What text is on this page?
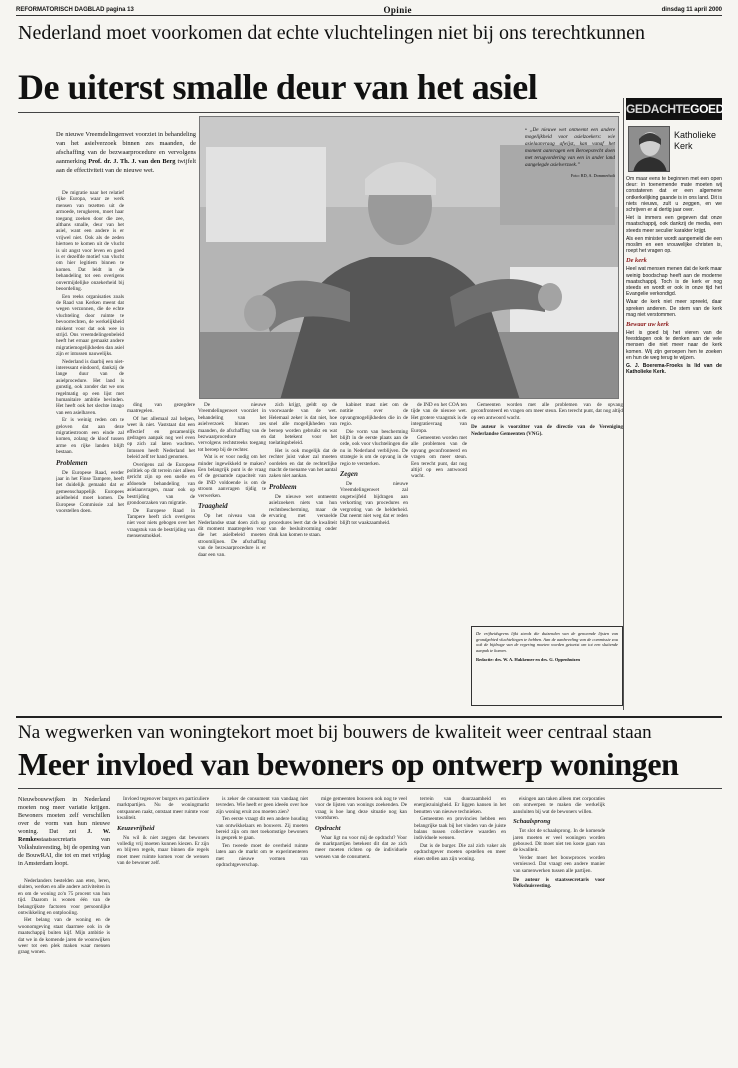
REFORMATORISCH DAGBLAD pagina 13	Opinie	dinsdag 11 april 2000
Nederland moet voorkomen dat echte vluchtelingen niet bij ons terechtkunnen
De uiterst smalle deur van het asiel
De nieuwe Vreemdelingenwet voorziet in behandeling van het asielverzoek binnen zes maanden, de afschaffing van de bezwaarprocedure en vervolgens aanmerking Prof. dr. J. Th. J. van den Berg twijfelt aan de effectiviteit van de nieuwe wet.
• „De nieuwe wet ontneemt een andere mogelijkheid voor asielzoekers: wie asielaanvraag afwijst, kan vanaf het moment aanvragen een Beroepsrecht doen met terugvordering van een in ander land aangelegde asielverzoek.”
Foto: RD, A. Dommerholt

De migratie naar het relatief rijke Europa, waar ze werk mensen van tezetten uit de armoede, terugkeren, moet haar toegang zoeken door die zee, althans smalle, deur van het asiel, want een andere is er vrijwel niet. Ook als de zeden hiertoen te komen uit de vlucht is uit angst voor leven en goed is er dezelfde motief van vlucht om hier legitiem binnen te komen. Dat leidt in de behandeling tot een overigens onvermijdelijke onzekerheid bij beoordeling.

Een reeks organisaties zoals de Raad van Kerken meent dat wegen verzonnen, die de echte vluchteling door ruimte te bevoorrechten, de werkelijkheid miskent voor dat ook wee in strijd. Ons vreemdelingenbeleid heeft het ernaar gemaakt andere migratiemogelijkheden dan asiel zijn er intussen nauwelijks.

Nederland is daarbij een niet-interessant eindoord, dankzij de lange duur van de asielprocedure. Het land is gunstig, ook zonder dat we ons regelmatig op een lijst met humanitaire ambitie bevinden. Het heeft ook het slechte imago van een asielhaven.

Er is weinig reden om te geloven dat aan deze migratiestroom een einde zal komen, zolang de kloof tussen arme en rijke landen blijft bestaan.

Problemen

De Europese Raad, eerder jaar in het Finse Tampere, heeft het duidelijk gemaakt dat er gemeenschappelijk Europees asielbeleid moet komen. De Europese Commissie zal het voorstellen doen.

ding van gezegdere maatregelen.

Of het allemaal zal helpen, weet ik niet. Vaststaat dat een effectief en gezamenlijk gedragen aanpak nog wel even op zich zal laten wachten. Intussen heeft Nederland het beleid zelf ter hand genomen.

Overigens zal de Europese politiek op dit terrein niet alleen gericht zijn op een snelle en afdoende behandeling van asielaanvragen, maar ook op bestrijding van de grondoorzaken van migratie.

De Europese Raad in Tampere heeft zich overigens niet voor niets gebogen over het vraagstuk van de bestrijding van mensensmokkel.

De nieuwe Vreemdelingenwet voorziet in behandeling van het asielverzoek binnen zes maanden, de afschaffing van de bezwaarprocedure en vervolgens rechtstreeks toegang tot beroep bij de rechter.

Wat is er voor nodig om het minder ingewikkeld te maken? Een belangrijk punt is de vraag of de geraamde capaciteit van de IND voldoende is om de stroom aanvragen tijdig te verwerken.

Traagheid

Op het niveau van de Nederlandse staat doen zich op dit moment maatregelen voor die het asielbeleid moeten stroomlijnen. De afschaffing van de bezwaarprocedure is er daar een van.

zich krijgt, geldt op de voorwaarde van de wet. Helemaal zeker is dat niet, hoe snel alle mogelijkheden van beroep worden gebruikt en wat dat betekent voor het toelatingsbeleid.

Het is ook mogelijk dat de rechter juist vaker zal moeten oordelen en dat de rechterlijke macht de toename van het aantal zaken niet aankan.

Probleem

De nieuwe wet ontneemt asielzoekers niets van hun rechtsbescherming, maar de ervaring met versnelde procedures leert dat de kwaliteit van de besluitvorming onder druk kan komen te staan.

kabinet mast niet om de notitie over de opvangmogelijkheden die in de regio.

Die vorm van bescherming blijft in de eerste plaats aan de orde, ook voor vluchtelingen die nu in Nederland verblijven. De strategie is om de opvang in de regio te versterken.

Zegen

De nieuwe Vreemdelingenwet zal ongetwijfeld bijdragen aan verkorting van procedures en vergroting van de helderheid. Dat neemt niet weg dat er reden blijft tot waakzaamheid.

de IND en het COA ten tijde van de nieuwe wet. Het grotere vraagstuk is de integratievraag van Europa.

Gemeenten worden met alle problemen van de opvang geconfronteerd en vragen om meer steun. Een terecht punt, dat nog altijd op een antwoord wacht.

Gemeenten worden met alle problemen van de opvang geconfronteerd en vragen om meer steun. Een terecht punt, dat nog altijd op een antwoord wacht.

De auteur is voorzitter van de directie van de Vereniging Nederlandse Gemeenten (VNG).

De vrijheidsgrens lijkt steeds die duizenden van de genoemde lijsten van grondgebied vluchtelingen te hebben. Aan de aanbeveling van de commissie zou ook de bijdrage van de regering moeten worden getoetst om tot een sluitende aanpak te komen.
Redactie: drs. W. A. Hakkemer en drs. G. Oppenhuizen
GEDACHTEGOED
Katholieke Kerk

Om maar eens te beginnen met een open deur: in toenemende mate moeten wij constateren dat er een algemene ontkerkelijking gaande is in ons land. Dit is niets nieuws, zult u zeggen, en we schrijven er al dertig jaar over.

Het is immers een gegeven dat onze maatschappij, ook dankzij de media, een steeds meer seculier karakter krijgt.

Als een minister wordt aangemeld die een moslim en een vrouwelijke christen is, roept het vragen op.

De kerk

Heel wat mensen menen dat de kerk maar weinig boodschap heeft aan de moderne maatschappij. Toch is de kerk er nog steeds en wordt er ook in onze tijd het Evangelie verkondigd.

Waar de kerk niet meer spreekt, daar spreken anderen. De stem van de kerk mag niet verstommen.

Bewaar uw kerk

Het is goed bij het vieren van de feestdagen ook te denken aan de vele mensen die niet meer naar de kerk komen. Wij zijn geroepen hen te zoeken en hun de weg terug te wijzen.

G. J. Boerema-Froeks is lid van de Katholieke Kerk.

Na wegwerken van woningtekort moet bij bouwers de kwaliteit weer centraal staan
Meer invloed van bewoners op ontwerp woningen
Nieuwbouwwijken in Nederland moeten nog meer variatie krijgen. Bewoners moeten zelf verschillen over de vorm van hun nieuwe woning. Dat zei J. W. Remkesstaatssecretaris van Volkshuisvesting, bij de opening van de BouwRAI, die tot en met vrijdag in Amsterdam loopt.

Nederlanders bestelden aan eten, leren, sluiten, werken en alle andere activiteiten in en om de woning zo'n 75 procent van hun tijd. Daarom is wonen één van de belangrijkste factoren voor persoonlijke ontwikkeling en ontplooiing.

Het belang van de woning en de woonomgeving staat daarmee ook in de maatschappij buiten kijf. Mijn ambitie is dat we in de komende jaren de woonwijken weer tot een plek maken waar mensen graag wonen.

Invloed tegenover burgers en particuliere marktpartijen. Nu de woningmarkt ontspannen raakt, ontstaat meer ruimte voor kwaliteit.

Keuzevrijheid

Nu wil ik niet zeggen dat bewoners volledig vrij moeten kunnen kiezen. Er zijn en blijven regels, maar binnen die regels moet meer ruimte komen voor de wensen van de bewoner zelf.

is zeker de consument van vandaag niet tevreden. Wie heeft er geen ideeën over hoe zijn woning eruit zou moeten zien?

Ten eerste vraagt dit een andere houding van ontwikkelaars en bouwers. Zij moeten bereid zijn om met toekomstige bewoners in gesprek te gaan.

Ten tweede moet de overheid ruimte laten aan de markt om te experimenteren met nieuwe vormen van opdrachtgeverschap.

mige gemeenten bouwen ook nog te veel voor de lijsten van wonings zoekenden. De vraag is hoe lang deze situatie nog kan voortduren.

Opdracht

Waar ligt nu voor mij de opdracht? Voor de marktpartijen betekent dit dat ze zich meer moeten richten op de individuele wensen van de consument.

terrein van duurzaamheid en energiezuinigheid. Er liggen kansen in het benutten van nieuwe technieken.

Gemeenten en provincies hebben een belangrijke taak bij het vinden van de juiste balans tussen collectieve waarden en individuele wensen.

Dat is de burger. Die zal zich vaker als opdrachtgever moeten opstellen en meer eisen stellen aan zijn woning.

eisingen aan taken alleen met corporaties om ontwerpen te maken die werkelijk aansluiten bij wat de bewoners willen.

Schaalsprong

Tot slot de schaalsprong. In de komende jaren moeten er veel woningen worden gebouwd. Dit moet niet ten koste gaan van de kwaliteit.

Verder moet het bouwproces worden vernieuwd. Dat vraagt een andere manier van samenwerken tussen alle partijen.

De auteur is staatssecretaris voor Volkshuisvesting.
